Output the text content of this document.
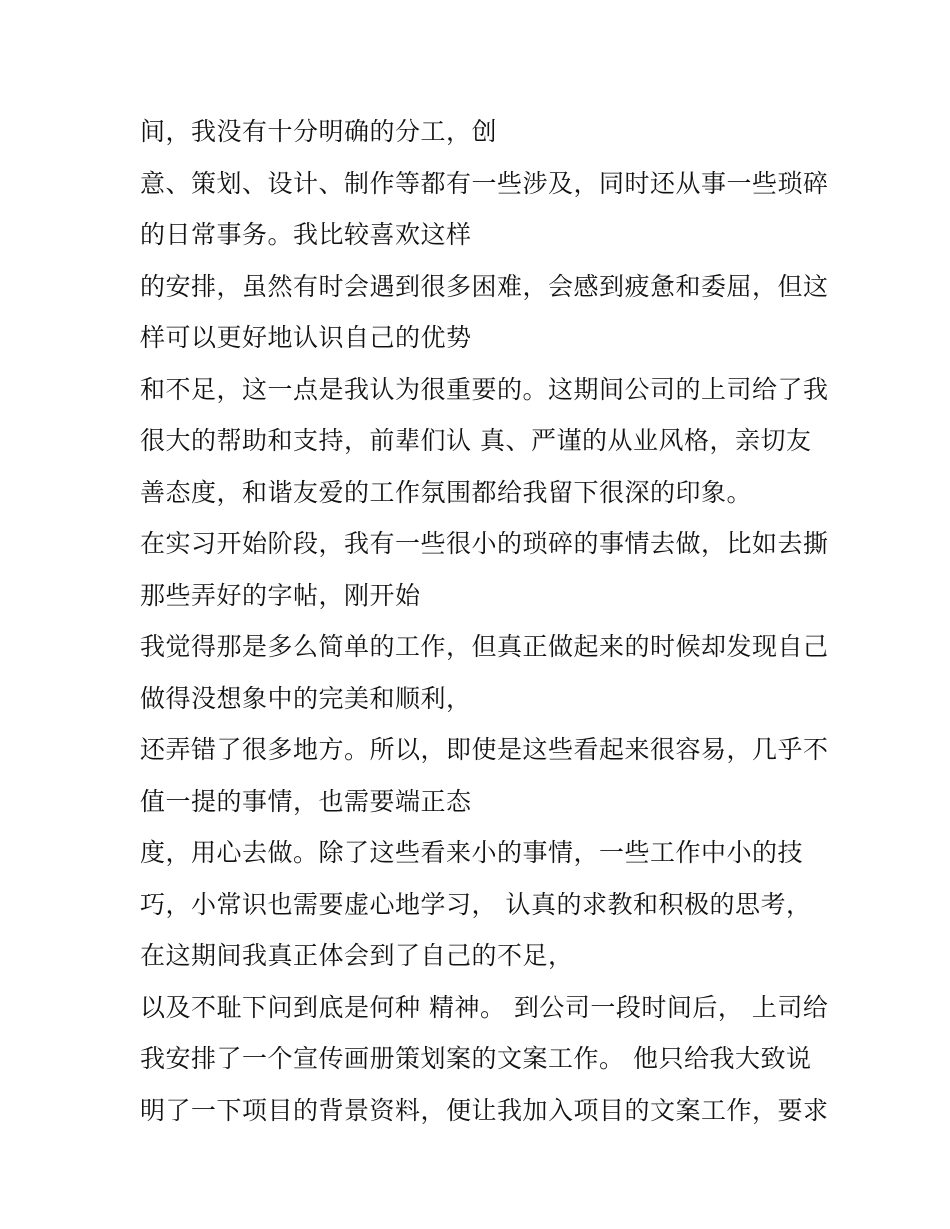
间，我没有十分明确的分工，创
意、策划、设计、制作等都有一些涉及，同时还从事一些琐碎
的日常事务。我比较喜欢这样
的安排，虽然有时会遇到很多困难，会感到疲惫和委屈，但这
样可以更好地认识自己的优势
和不足，这一点是我认为很重要的。这期间公司的上司给了我
很大的帮助和支持，前辈们认 真、严谨的从业风格，亲切友
善态度，和谐友爱的工作氛围都给我留下很深的印象。
在实习开始阶段，我有一些很小的琐碎的事情去做，比如去撕
那些弄好的字帖，刚开始
我觉得那是多么简单的工作，但真正做起来的时候却发现自己
做得没想象中的完美和顺利，
还弄错了很多地方。所以，即使是这些看起来很容易，几乎不
值一提的事情，也需要端正态
度，用心去做。除了这些看来小的事情，一些工作中小的技
巧，小常识也需要虚心地学习， 认真的求教和积极的思考，
在这期间我真正体会到了自己的不足，
以及不耻下问到底是何种 精神。 到公司一段时间后， 上司给
我安排了一个宣传画册策划案的文案工作。 他只给我大致说
明了一下项目的背景资料，便让我加入项目的文案工作，要求
